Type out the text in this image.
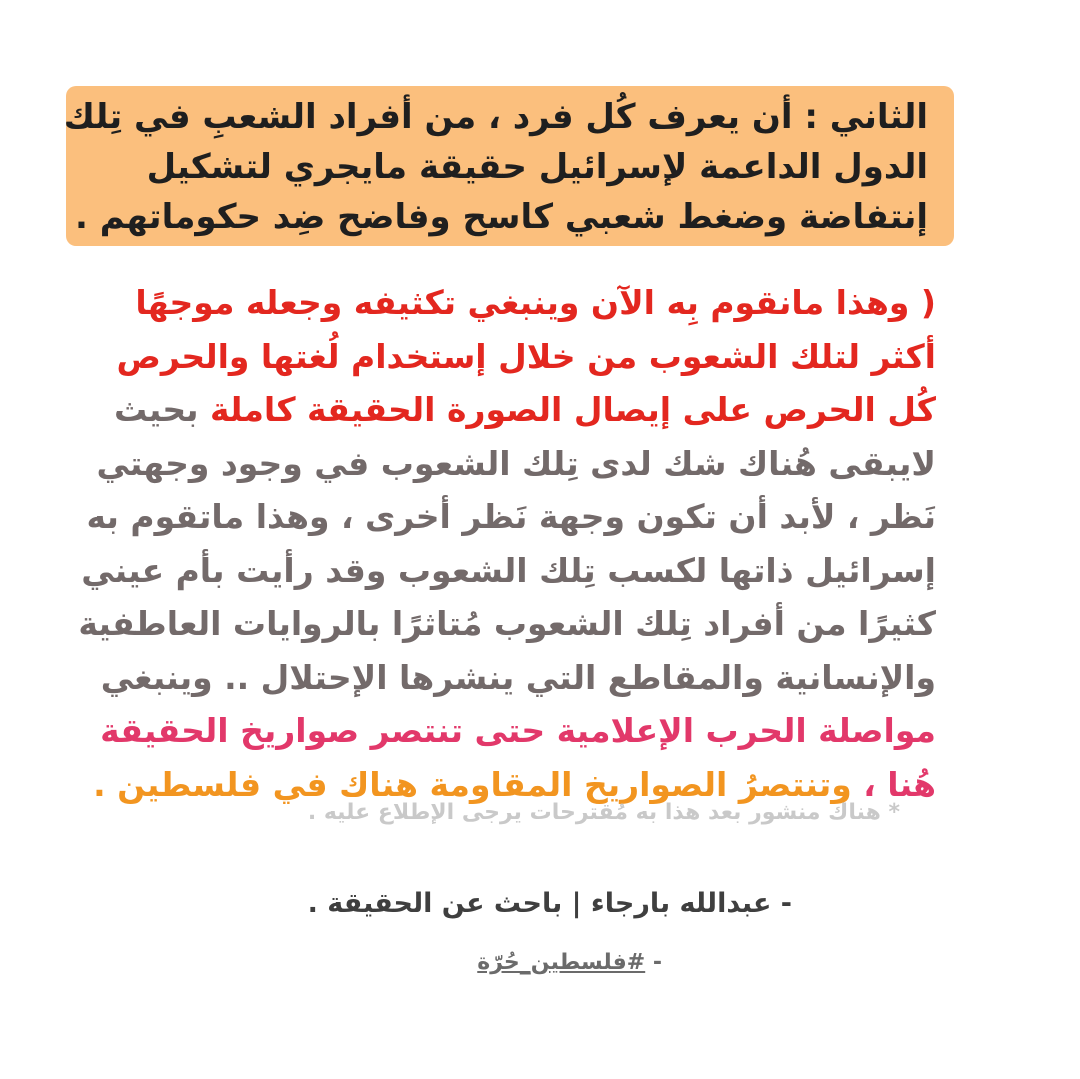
الثاني : أن يعرف كُل فرد ، من أفراد الشعبِ في تِلك
الدول الداعمة لإسرائيل حقيقة مايجري لتشكيل
إنتفاضة وضغط شعبي كاسح وفاضح ضِد حكوماتهم .
( وهذا مانقوم بِه الآن وينبغي تكثيفه وجعله موجهًا
أكثر لتلك الشعوب من خلال إستخدام لُغتها والحرص
كُل الحرص على إيصال الصورة الحقيقة كاملة بحيث
لايبقى هُناك شك لدى تِلك الشعوب في وجود وجهتي
نَظر ، لأبد أن تكون وجهة نَظر أخرى ، وهذا ماتقوم به
إسرائيل ذاتها لكسب تِلك الشعوب وقد رأيت بأم عيني
كثيرًا من أفراد تِلك الشعوب مُتاثرًا بالروايات العاطفية
والإنسانية والمقاطع التي ينشرها الإحتلال .. وينبغي
مواصلة الحرب الإعلامية حتى تنتصر صواريخ الحقيقة
هُنا ، وتنتصرُ الصواريخ المقاومة هناك في فلسطين .
* هناك منشور بعد هذا به مُقترحات يرجى الإطلاع عليه .
- عبدالله بارجاء | باحث عن الحقيقة .
- #فلسطين_حُرّة
